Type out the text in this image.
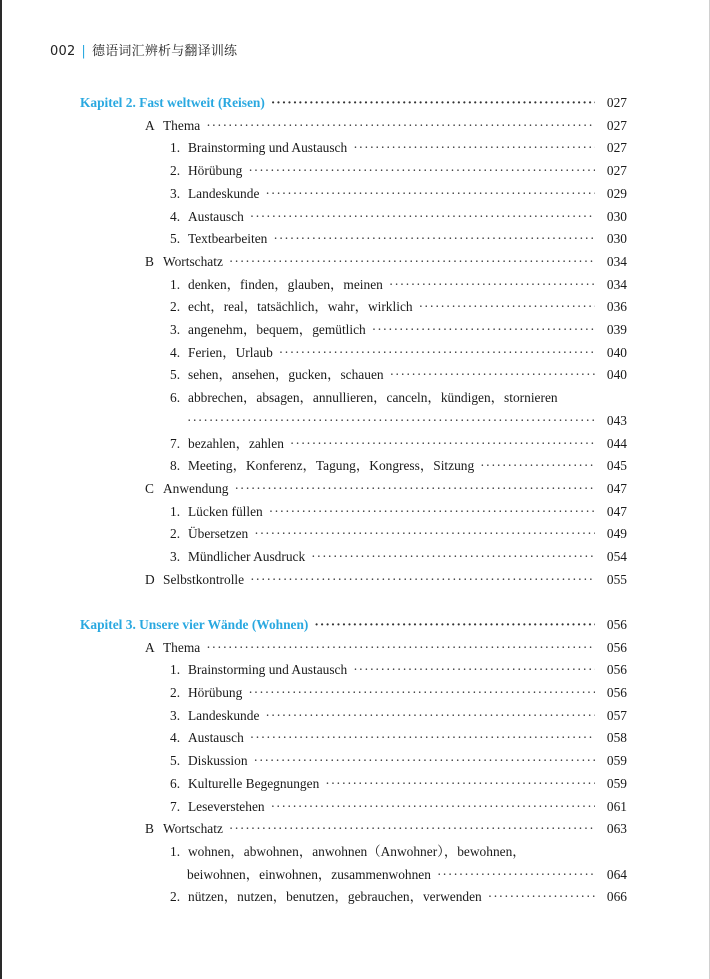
002 | 德语词汇辨析与翻译训练
Kapitel 2. Fast weltweit (Reisen) ·····	027
A Thema ·····	027
1. Brainstorming und Austausch ·····	027
2. Hörübung ·····	027
3. Landeskunde ·····	029
4. Austausch ·····	030
5. Textbearbeiten ·····	030
B Wortschatz ·····	034
1. denken，finden，glauben，meinen ·····	034
2. echt，real，tatsächlich，wahr，wirklich ·····	036
3. angenehm，bequem，gemütlich ·····	039
4. Ferien，Urlaub ·····	040
5. sehen，ansehen，gucken，schauen ·····	040
6. abbrechen，absagen，annullieren，canceln，kündigen，stornieren
·····
043
7. bezahlen，zahlen ·····	044
8. Meeting，Konferenz，Tagung，Kongress，Sitzung ·····	045
C Anwendung ·····	047
1. Lücken füllen ·····	047
2. Übersetzen ·····	049
3. Mündlicher Ausdruck ·····	054
D Selbstkontrolle ·····	055
Kapitel 3. Unsere vier Wände (Wohnen) ·····	056
A Thema ·····	056
1. Brainstorming und Austausch ·····	056
2. Hörübung ·····	056
3. Landeskunde ·····	057
4. Austausch ·····	058
5. Diskussion ·····	059
6. Kulturelle Begegnungen ·····	059
7. Leseverstehen ·····	061
B Wortschatz ·····	063
1. wohnen，abwohnen，anwohnen（Anwohner），bewohnen，
beiwohnen，einwohnen，zusammenwohnen ·····	064
2. nützen，nutzen，benutzen，gebrauchen，verwenden ·····	066
